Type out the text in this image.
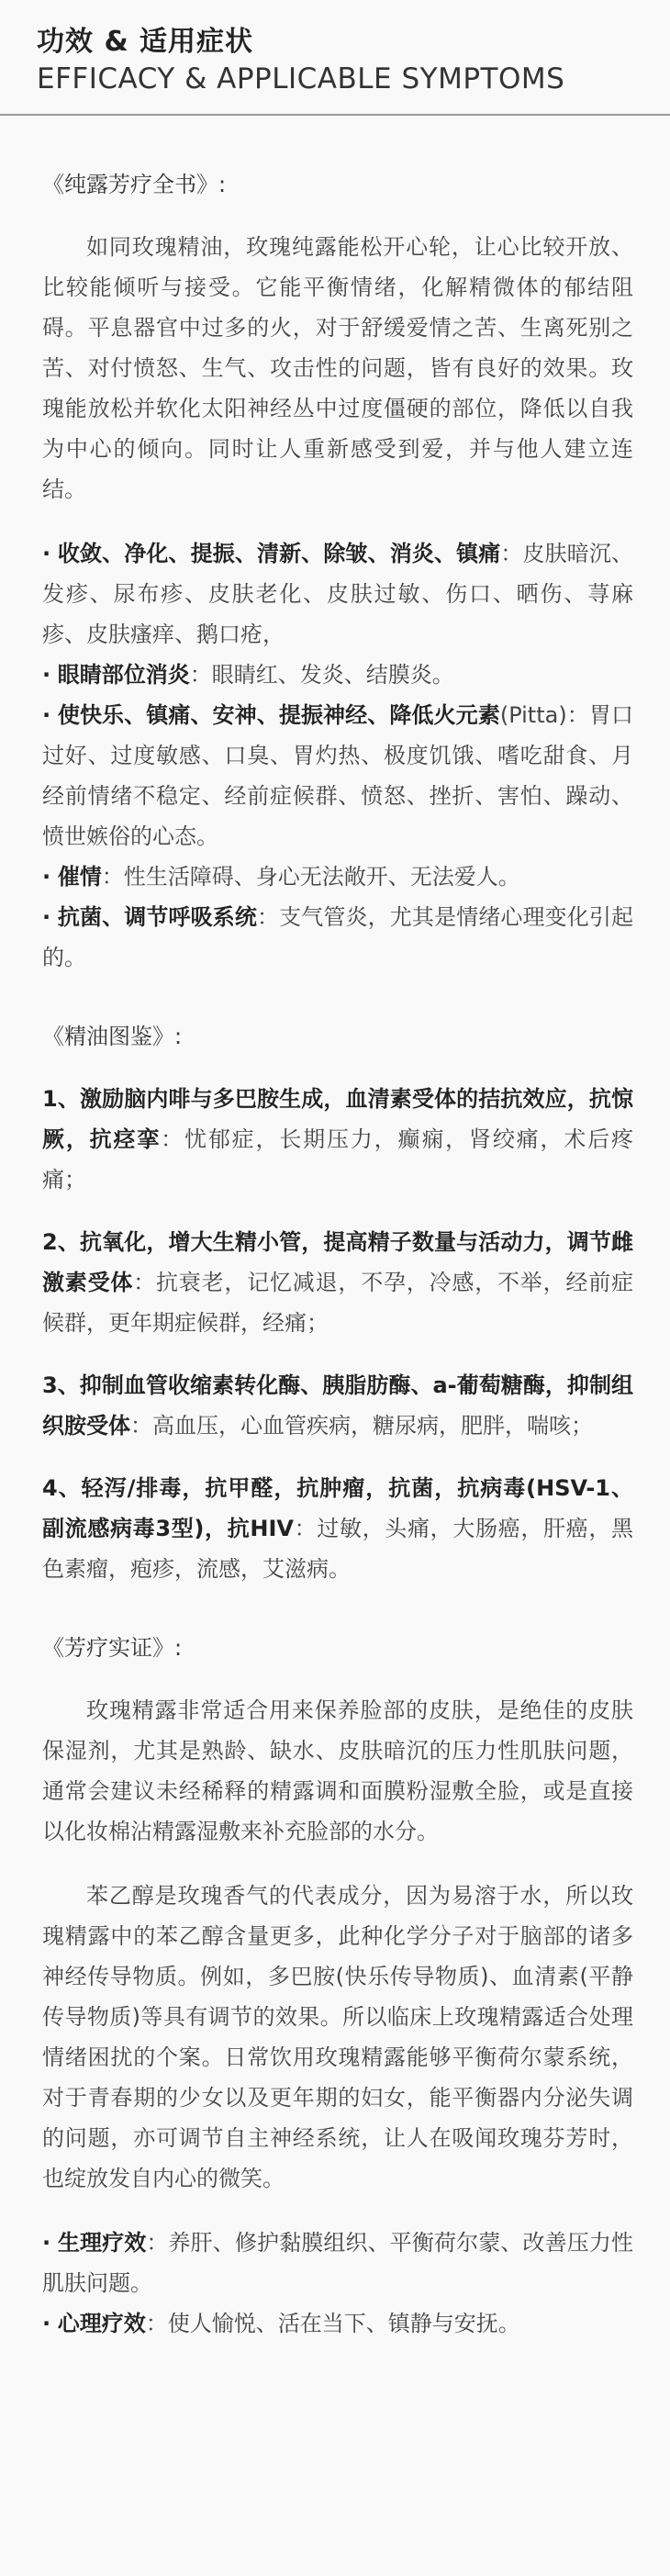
功效 & 适用症状
EFFICACY & APPLICABLE SYMPTOMS
《纯露芳疗全书》:

如同玫瑰精油，玫瑰纯露能松开心轮，让心比较开放、比较能倾听与接受。它能平衡情绪，化解精微体的郁结阻碍。平息器官中过多的火，对于舒缓爱情之苦、生离死别之苦、对付愤怒、生气、攻击性的问题，皆有良好的效果。玫瑰能放松并软化太阳神经丛中过度僵硬的部位，降低以自我为中心的倾向。同时让人重新感受到爱，并与他人建立连结。

· 收敛、净化、提振、清新、除皱、消炎、镇痛：皮肤暗沉、发疹、尿布疹、皮肤老化、皮肤过敏、伤口、晒伤、荨麻疹、皮肤瘙痒、鹅口疮，

· 眼睛部位消炎：眼睛红、发炎、结膜炎。

· 使快乐、镇痛、安神、提振神经、降低火元素(Pitta)：胃口过好、过度敏感、口臭、胃灼热、极度饥饿、嗜吃甜食、月经前情绪不稳定、经前症候群、愤怒、挫折、害怕、躁动、愤世嫉俗的心态。

· 催情：性生活障碍、身心无法敞开、无法爱人。

· 抗菌、调节呼吸系统：支气管炎，尤其是情绪心理变化引起的。

《精油图鉴》:

1、激励脑内啡与多巴胺生成，血清素受体的拮抗效应，抗惊厥，抗痉挛：忧郁症，长期压力，癫痫，肾绞痛，术后疼痛；

2、抗氧化，增大生精小管，提高精子数量与活动力，调节雌激素受体：抗衰老，记忆减退，不孕，冷感，不举，经前症候群，更年期症候群，经痛；

3、抑制血管收缩素转化酶、胰脂肪酶、a-葡萄糖酶，抑制组织胺受体：高血压，心血管疾病，糖尿病，肥胖，喘咳；

4、轻泻/排毒，抗甲醛，抗肿瘤，抗菌，抗病毒(HSV-1、副流感病毒3型)，抗HIV：过敏，头痛，大肠癌，肝癌，黑色素瘤，疱疹，流感，艾滋病。

《芳疗实证》:

玫瑰精露非常适合用来保养脸部的皮肤，是绝佳的皮肤保湿剂，尤其是熟龄、缺水、皮肤暗沉的压力性肌肤问题，通常会建议未经稀释的精露调和面膜粉湿敷全脸，或是直接以化妆棉沾精露湿敷来补充脸部的水分。

苯乙醇是玫瑰香气的代表成分，因为易溶于水，所以玫瑰精露中的苯乙醇含量更多，此种化学分子对于脑部的诸多神经传导物质。例如，多巴胺(快乐传导物质)、血清素(平静传导物质)等具有调节的效果。所以临床上玫瑰精露适合处理情绪困扰的个案。日常饮用玫瑰精露能够平衡荷尔蒙系统，对于青春期的少女以及更年期的妇女，能平衡器内分泌失调的问题，亦可调节自主神经系统，让人在吸闻玫瑰芬芳时，也绽放发自内心的微笑。

· 生理疗效：养肝、修护黏膜组织、平衡荷尔蒙、改善压力性肌肤问题。

· 心理疗效：使人愉悦、活在当下、镇静与安抚。
